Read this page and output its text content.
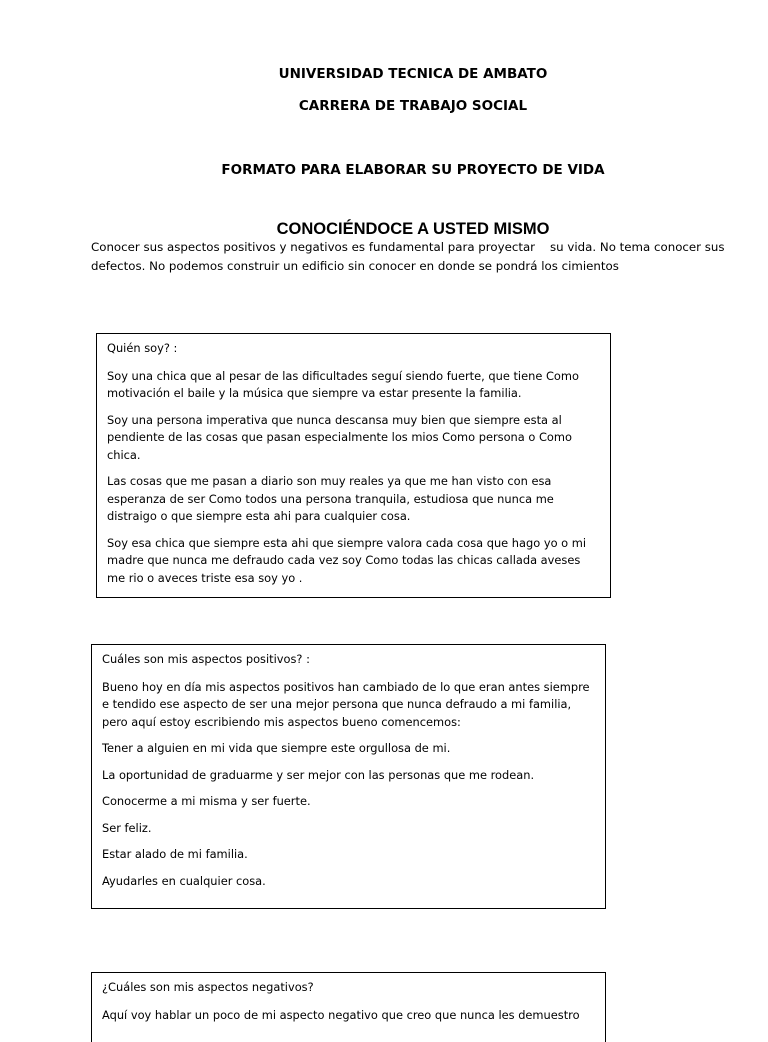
UNIVERSIDAD TECNICA DE AMBATO
CARRERA DE TRABAJO SOCIAL
FORMATO PARA ELABORAR SU PROYECTO DE VIDA
CONOCIÉNDOCE A USTED MISMO
Conocer sus aspectos positivos y negativos es fundamental para proyectar    su vida. No tema conocer sus defectos. No podemos construir un edificio sin conocer en donde se pondrá los cimientos

Quién soy? :

Soy una chica que al pesar de las dificultades seguí siendo fuerte, que tiene Como motivación el baile y la música que siempre va estar presente la familia.

Soy una persona imperativa que nunca descansa muy bien que siempre esta al pendiente de las cosas que pasan especialmente los mios Como persona o Como chica.

Las cosas que me pasan a diario son muy reales ya que me han visto con esa esperanza de ser Como todos una persona tranquila, estudiosa que nunca me distraigo o que siempre esta ahi para cualquier cosa.

Soy esa chica que siempre esta ahi que siempre valora cada cosa que hago yo o mi madre que nunca me defraudo cada vez soy Como todas las chicas callada aveses me rio o aveces triste esa soy yo .

Cuáles son mis aspectos positivos? :

Bueno hoy en día mis aspectos positivos han cambiado de lo que eran antes siempre e tendido ese aspecto de ser una mejor persona que nunca defraudo a mi familia, pero aquí estoy escribiendo mis aspectos bueno comencemos:

Tener a alguien en mi vida que siempre este orgullosa de mi.

La oportunidad de graduarme y ser mejor con las personas que me rodean.

Conocerme a mi misma y ser fuerte.

Ser feliz.

Estar alado de mi familia.

Ayudarles en cualquier cosa.

¿Cuáles son mis aspectos negativos?

Aquí voy hablar un poco de mi aspecto negativo que creo que nunca les demuestro
